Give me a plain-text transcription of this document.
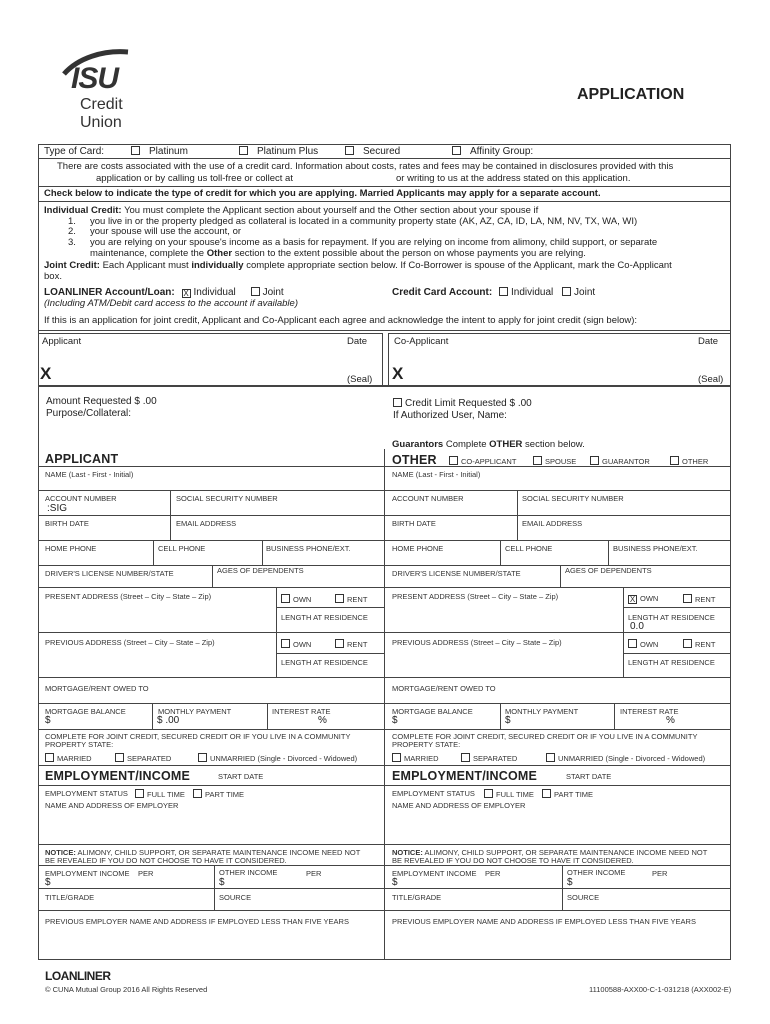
ISU
Credit
Union
APPLICATION
Type of Card:	Platinum	Platinum Plus	Secured	Affinity Group:
There are costs associated with the use of a credit card. Information about costs, rates and fees may be contained in disclosures provided with this
application or by calling us toll-free or collect at	or writing to us at the address stated on this application.
Check below to indicate the type of credit for which you are applying. Married Applicants may apply for a separate account.
Individual Credit: You must complete the Applicant section about yourself and the Other section about your spouse if
1. you live in or the property pledged as collateral is located in a community property state (AK, AZ, CA, ID, LA, NM, NV, TX, WA, WI)
2. your spouse will use the account, or
3. you are relying on your spouse's income as a basis for repayment. If you are relying on income from alimony, child support, or separate
maintenance, complete the Other section to the extent possible about the person on whose payments you are relying.
Joint Credit: Each Applicant must individually complete appropriate section below. If Co-Borrower is spouse of the Applicant, mark the Co-Applicant
box.
LOANLINER Account/Loan: X Individual	Joint
(Including ATM/Debit card access to the account if available)
Credit Card Account: Individual Joint
If this is an application for joint credit, Applicant and Co-Applicant each agree and acknowledge the intent to apply for joint credit (sign below):
Applicant	Date
X	(Seal)
Co-Applicant	Date
X	(Seal)
Amount Requested $ .00
Purpose/Collateral:
Credit Limit Requested $ .00
If Authorized User, Name:
Guarantors Complete OTHER section below.
APPLICANT
NAME (Last - First - Initial)
ACCOUNT NUMBER
:SIG
SOCIAL SECURITY NUMBER
BIRTH DATE	EMAIL ADDRESS
HOME PHONE	CELL PHONE	BUSINESS PHONE/EXT.
DRIVER'S LICENSE NUMBER/STATE	AGES OF DEPENDENTS
PRESENT ADDRESS (Street – City – State – Zip)	OWN	RENT
LENGTH AT RESIDENCE
PREVIOUS ADDRESS (Street – City – State – Zip)	OWN	RENT
LENGTH AT RESIDENCE
MORTGAGE/RENT OWED TO
MORTGAGE BALANCE
$
MONTHLY PAYMENT
$ .00
INTEREST RATE
%
COMPLETE FOR JOINT CREDIT, SECURED CREDIT OR IF YOU LIVE IN A COMMUNITY
PROPERTY STATE:
MARRIED	SEPARATED	UNMARRIED (Single - Divorced - Widowed)
EMPLOYMENT/INCOME	START DATE
EMPLOYMENT STATUS	FULL TIME	PART TIME
NAME AND ADDRESS OF EMPLOYER
NOTICE: ALIMONY, CHILD SUPPORT, OR SEPARATE MAINTENANCE INCOME NEED NOT
BE REVEALED IF YOU DO NOT CHOOSE TO HAVE IT CONSIDERED.
EMPLOYMENT INCOME PER
$
OTHER INCOME	PER
$
TITLE/GRADE	SOURCE
PREVIOUS EMPLOYER NAME AND ADDRESS IF EMPLOYED LESS THAN FIVE YEARS
OTHER	CO-APPLICANT	SPOUSE	GUARANTOR	OTHER
NAME (Last - First - Initial)
ACCOUNT NUMBER	SOCIAL SECURITY NUMBER
BIRTH DATE	EMAIL ADDRESS
HOME PHONE	CELL PHONE	BUSINESS PHONE/EXT.
DRIVER'S LICENSE NUMBER/STATE	AGES OF DEPENDENTS
PRESENT ADDRESS (Street – City – State – Zip)	X OWN	RENT
LENGTH AT RESIDENCE
0.0
PREVIOUS ADDRESS (Street – City – State – Zip)	OWN	RENT
LENGTH AT RESIDENCE
MORTGAGE/RENT OWED TO
MORTGAGE BALANCE
$
MONTHLY PAYMENT
$
INTEREST RATE
%
COMPLETE FOR JOINT CREDIT, SECURED CREDIT OR IF YOU LIVE IN A COMMUNITY
PROPERTY STATE:
MARRIED	SEPARATED	UNMARRIED (Single - Divorced - Widowed)
EMPLOYMENT/INCOME	START DATE
EMPLOYMENT STATUS	FULL TIME	PART TIME
NAME AND ADDRESS OF EMPLOYER
NOTICE: ALIMONY, CHILD SUPPORT, OR SEPARATE MAINTENANCE INCOME NEED NOT
BE REVEALED IF YOU DO NOT CHOOSE TO HAVE IT CONSIDERED.
EMPLOYMENT INCOME PER
$
OTHER INCOME	PER
$
TITLE/GRADE	SOURCE
PREVIOUS EMPLOYER NAME AND ADDRESS IF EMPLOYED LESS THAN FIVE YEARS
LOANLINER
© CUNA Mutual Group 2016 All Rights Reserved	11100588-AXX00-C-1-031218 (AXX002-E)
